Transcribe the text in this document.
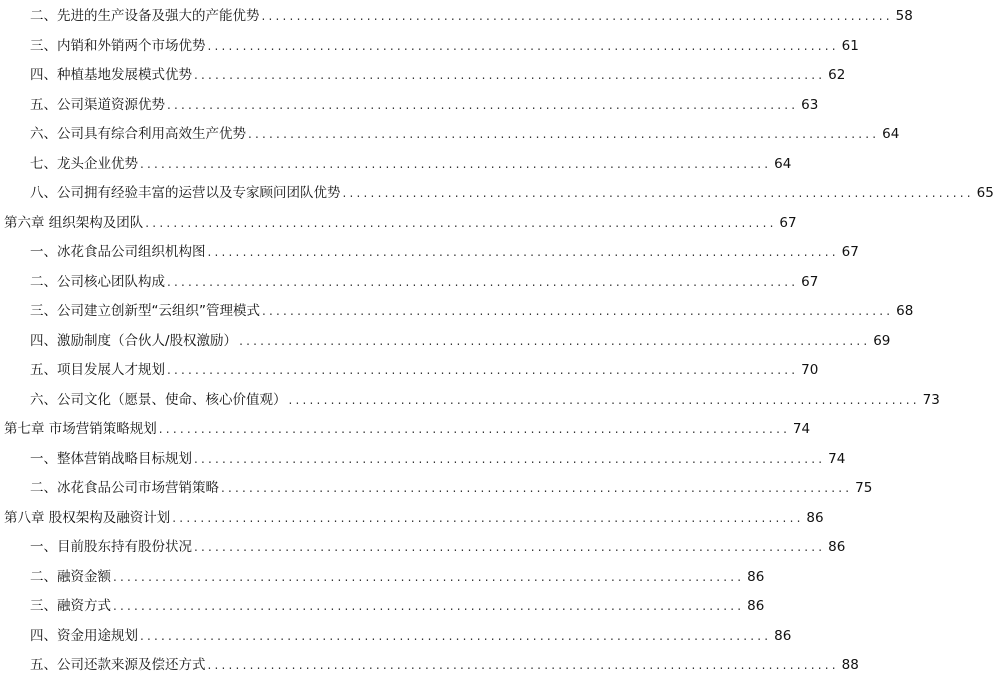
二、先进的生产设备及强大的产能优势 .......................................................................................... 58
三、内销和外销两个市场优势 .......................................................................................... 61
四、种植基地发展模式优势 .......................................................................................... 62
五、公司渠道资源优势 .......................................................................................... 63
六、公司具有综合利用高效生产优势 .......................................................................................... 64
七、龙头企业优势 .......................................................................................... 64
八、公司拥有经验丰富的运营以及专家顾问团队优势 .......................................................................................... 65
第六章 组织架构及团队 .......................................................................................... 67
一、冰花食品公司组织机构图 .......................................................................................... 67
二、公司核心团队构成 .......................................................................................... 67
三、公司建立创新型“云组织”管理模式 .......................................................................................... 68
四、激励制度（合伙人/股权激励） .......................................................................................... 69
五、项目发展人才规划 .......................................................................................... 70
六、公司文化（愿景、使命、核心价值观） .......................................................................................... 73
第七章 市场营销策略规划 .......................................................................................... 74
一、整体营销战略目标规划 .......................................................................................... 74
二、冰花食品公司市场营销策略 .......................................................................................... 75
第八章 股权架构及融资计划 .......................................................................................... 86
一、目前股东持有股份状况 .......................................................................................... 86
二、融资金额 .......................................................................................... 86
三、融资方式 .......................................................................................... 86
四、资金用途规划 .......................................................................................... 86
五、公司还款来源及偿还方式 .......................................................................................... 88
